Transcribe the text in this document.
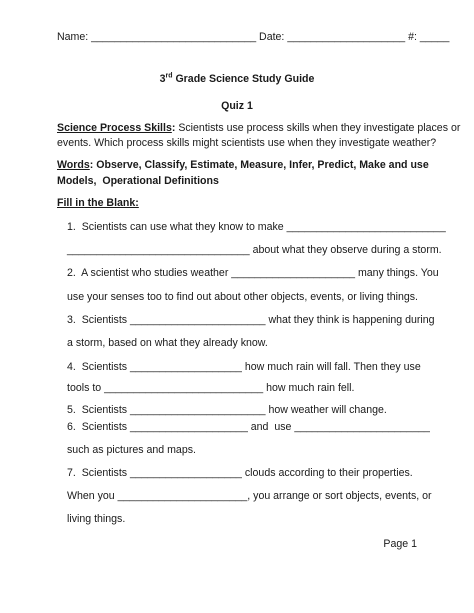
Name: ____________________________ Date: ____________________ #: _____
3rd Grade Science Study Guide
Quiz 1
Science Process Skills: Scientists use process skills when they investigate places or
events. Which process skills might scientists use when they investigate weather?
Words: Observe, Classify, Estimate, Measure, Infer, Predict, Make and use
Models,  Operational Definitions
Fill in the Blank:
1.  Scientists can use what they know to make ___________________________
_______________________________ about what they observe during a storm.
2.  A scientist who studies weather _____________________ many things. You
use your senses too to find out about other objects, events, or living things.
3.  Scientists _______________________ what they think is happening during
a storm, based on what they already know.
4.  Scientists ___________________ how much rain will fall. Then they use
tools to ___________________________ how much rain fell.
5.  Scientists _______________________ how weather will change.
6.  Scientists ____________________ and  use _______________________
such as pictures and maps.
7.  Scientists ___________________ clouds according to their properties.
When you ______________________, you arrange or sort objects, events, or
living things.
Page 1
